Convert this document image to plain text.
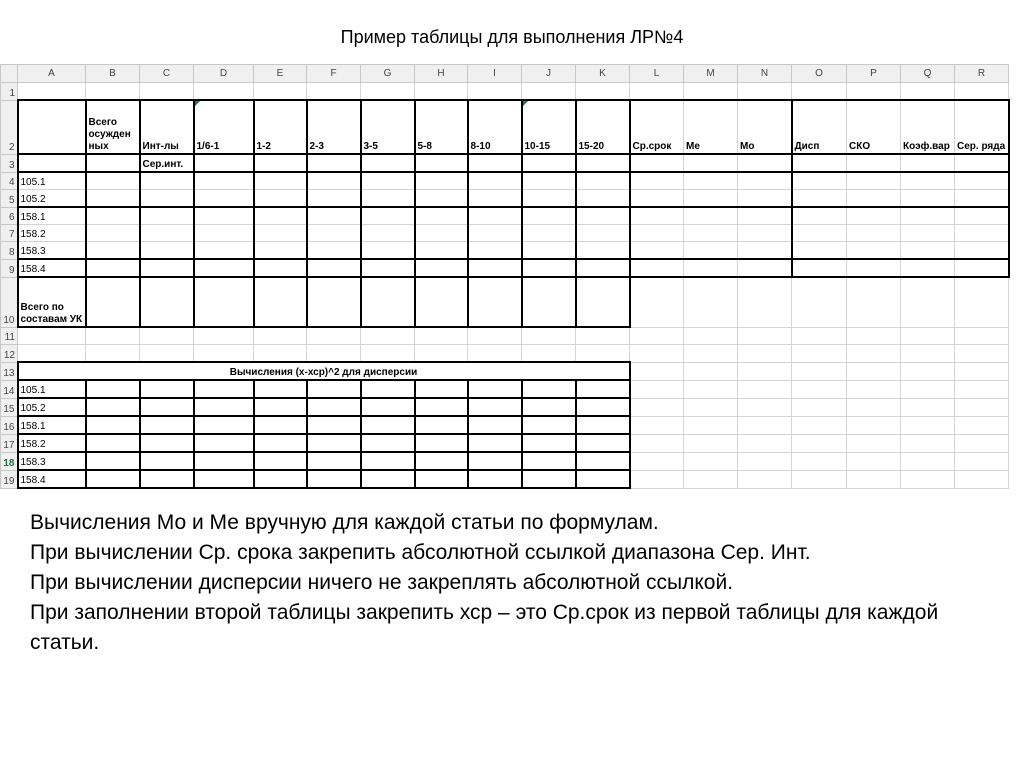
Пример таблицы для выполнения ЛР№4
	A	B	C	D	E	F	G	H	I	J	K	L	M	N	O	P	Q	R
1																		
2		Всего осужден ных	Инт-лы	1/6-1	1-2	2-3	3-5	5-8	8-10	10-15	15-20	Ср.срок	Ме	Мо	Дисп	СКО	Коэф.вар	Сер. ряда
3			Сер.инт.															
4	105.1																	
5	105.2																	
6	158.1																	
7	158.2																	
8	158.3																	
9	158.4																	
10	Всего по составам УК																	
11																		
12																		
13	Вычисления (х-хср)^2 для дисперсии																	
14	105.1																	
15	105.2																	
16	158.1																	
17	158.2																	
18	158.3																	
19	158.4																	

Вычисления Мо и Ме вручную для каждой статьи по формулам.

При вычислении Ср. срока закрепить абсолютной ссылкой диапазона Сер. Инт.

При вычислении дисперсии ничего не закреплять абсолютной ссылкой.

При заполнении второй таблицы закрепить хср – это Ср.срок из первой таблицы для каждой статьи.
